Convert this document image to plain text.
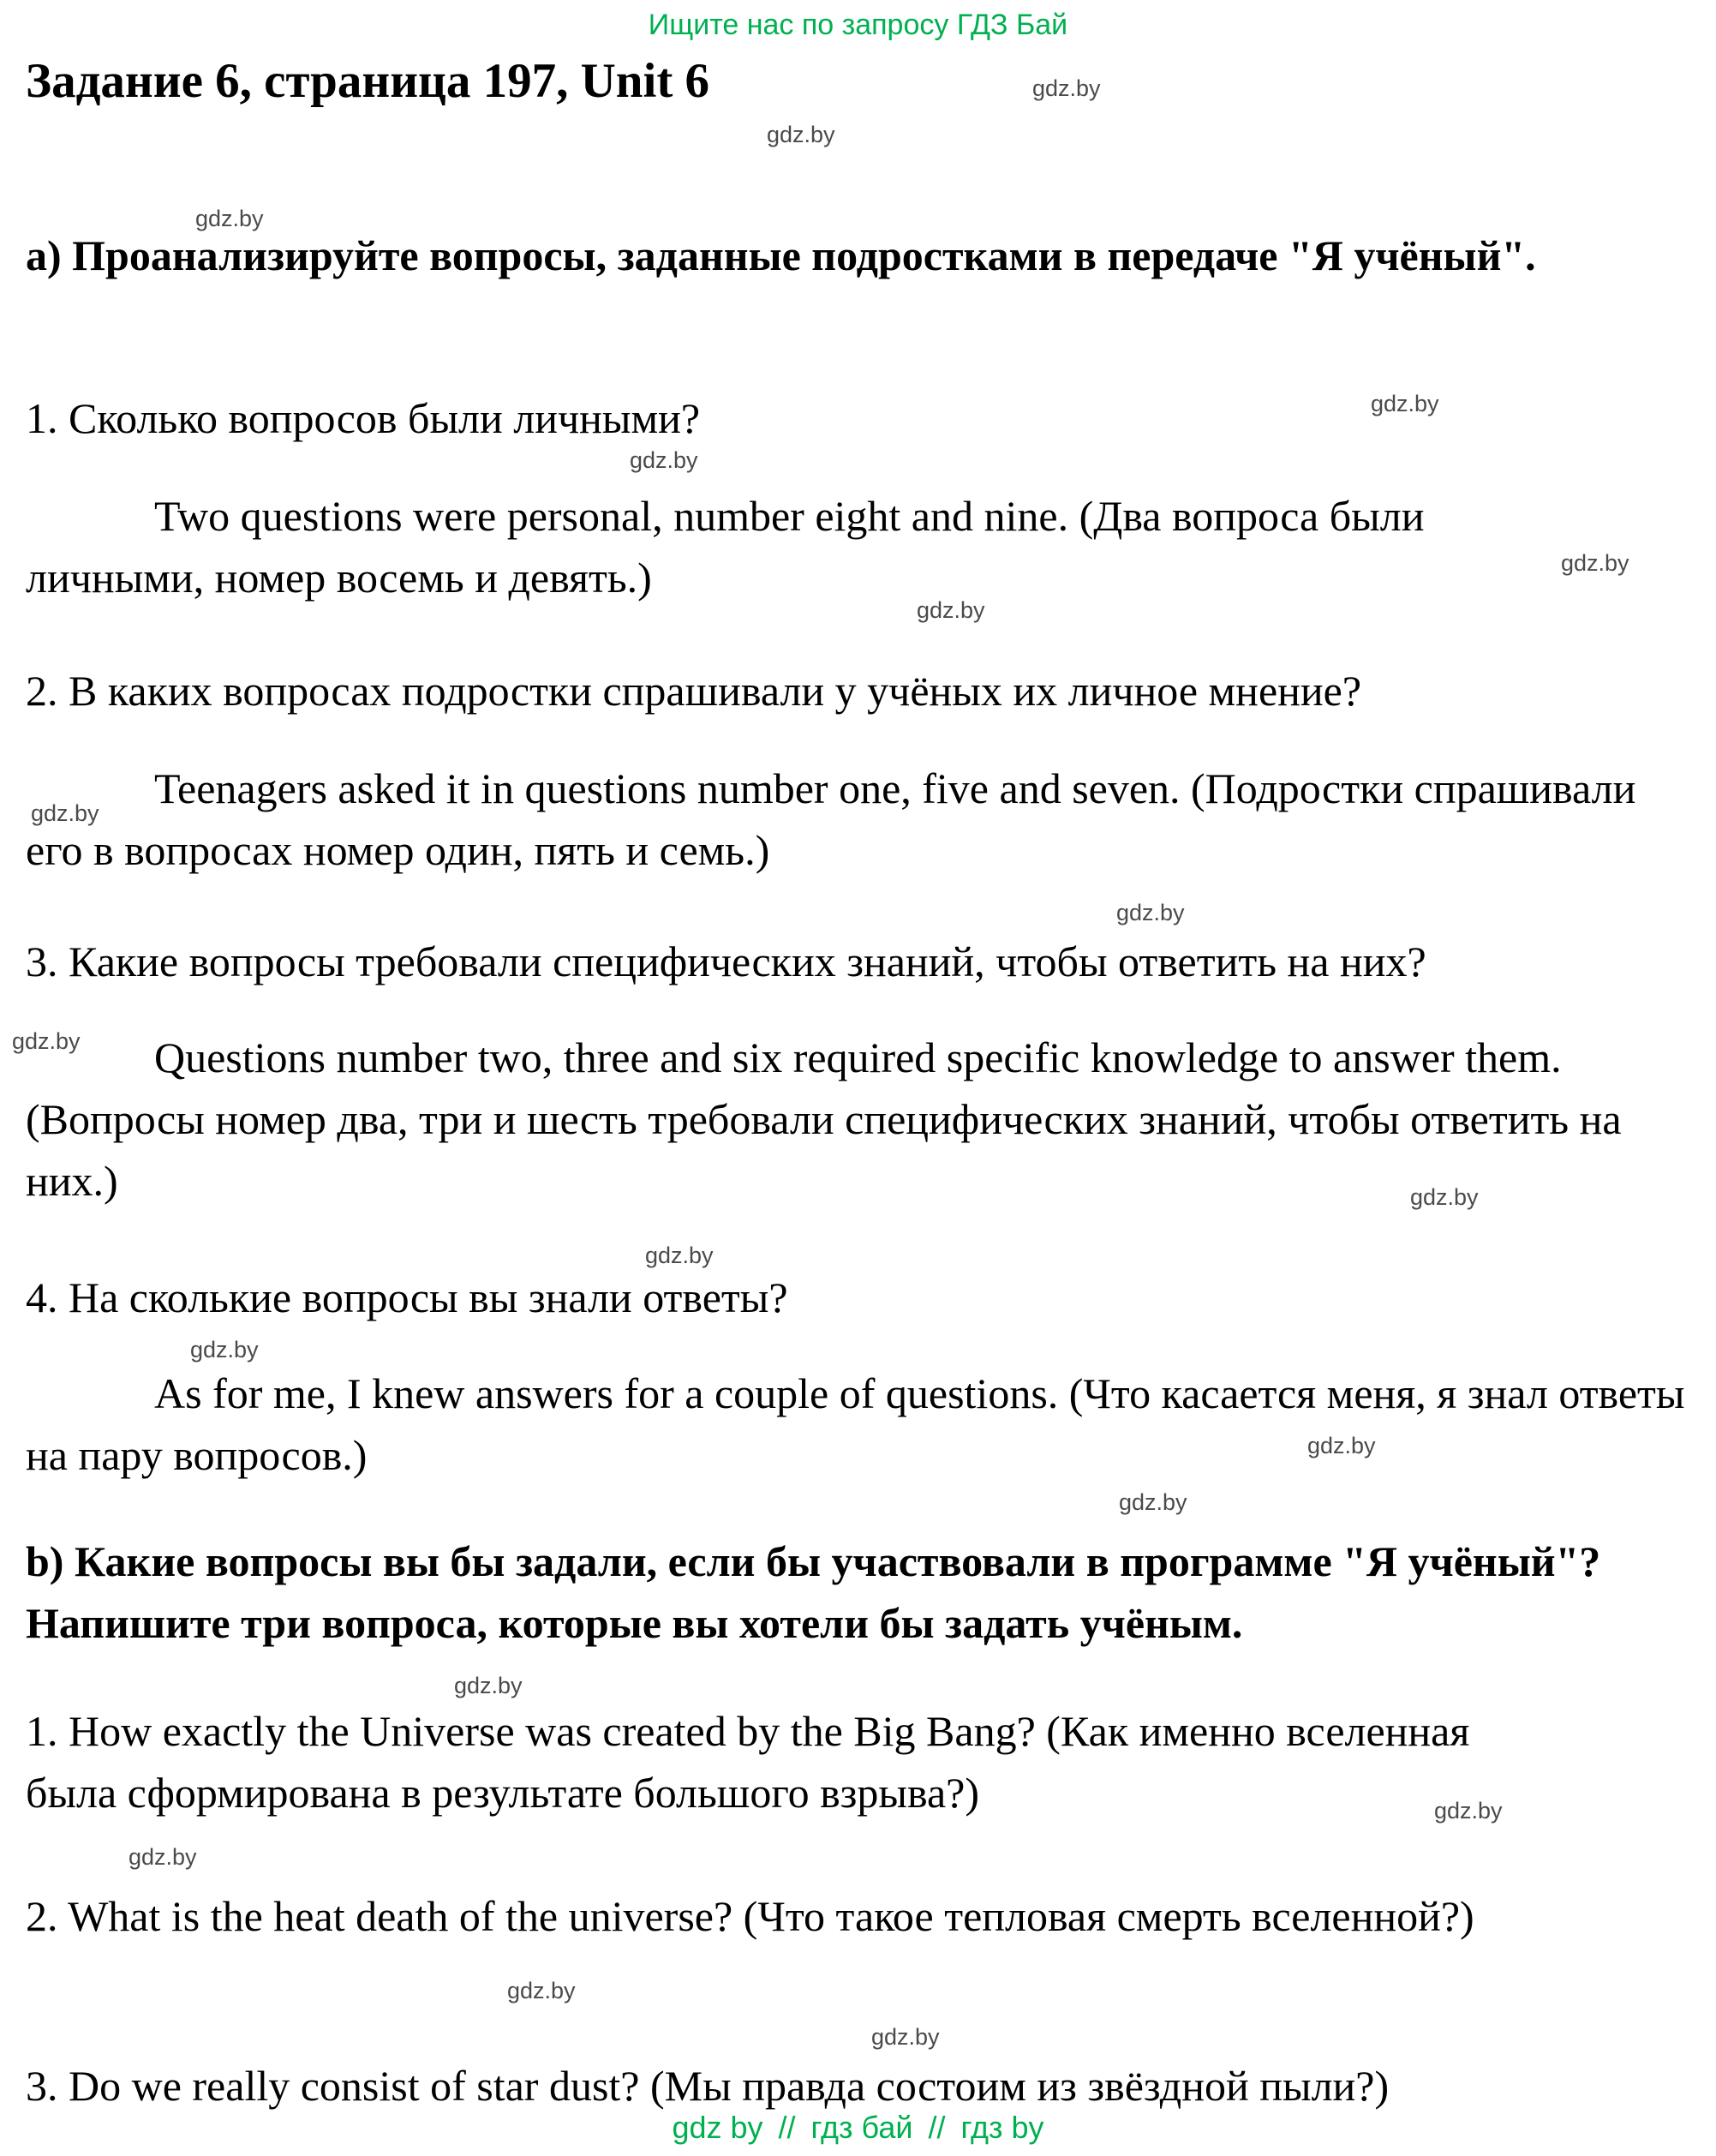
Ищите нас по запросу ГДЗ Бай
Задание 6, страница 197, Unit 6

a) Проанализируйте вопросы, заданные подростками в передаче "Я учёный".

1. Сколько вопросов были личными?

Two questions were personal, number eight and nine. (Два вопроса были личными, номер восемь и девять.)

2. В каких вопросах подростки спрашивали у учёных их личное мнение?

Teenagers asked it in questions number one, five and seven. (Подростки спрашивали его в вопросах номер один, пять и семь.)

3. Какие вопросы требовали специфических знаний, чтобы ответить на них?

Questions number two, three and six required specific knowledge to answer them. (Вопросы номер два, три и шесть требовали специфических знаний, чтобы ответить на них.)

4. На сколькие вопросы вы знали ответы?

As for me, I knew answers for a couple of questions. (Что касается меня, я знал ответы на пару вопросов.)

b) Какие вопросы вы бы задали, если бы участвовали в программе "Я учёный"? Напишите три вопроса, которые вы хотели бы задать учёным.

1. How exactly the Universe was created by the Big Bang? (Как именно вселенная была сформирована в результате большого взрыва?)

2. What is the heat death of the universe? (Что такое тепловая смерть вселенной?)

3. Do we really consist of star dust? (Мы правда состоим из звёздной пыли?)

gdz.by
gdz.by
gdz.by
gdz.by
gdz.by
gdz.by
gdz.by
gdz.by
gdz.by
gdz.by
gdz.by
gdz.by
gdz.by
gdz.by
gdz.by
gdz.by
gdz.by
gdz.by
gdz.by
gdz.by
gdz by // гдз бай // гдз by
